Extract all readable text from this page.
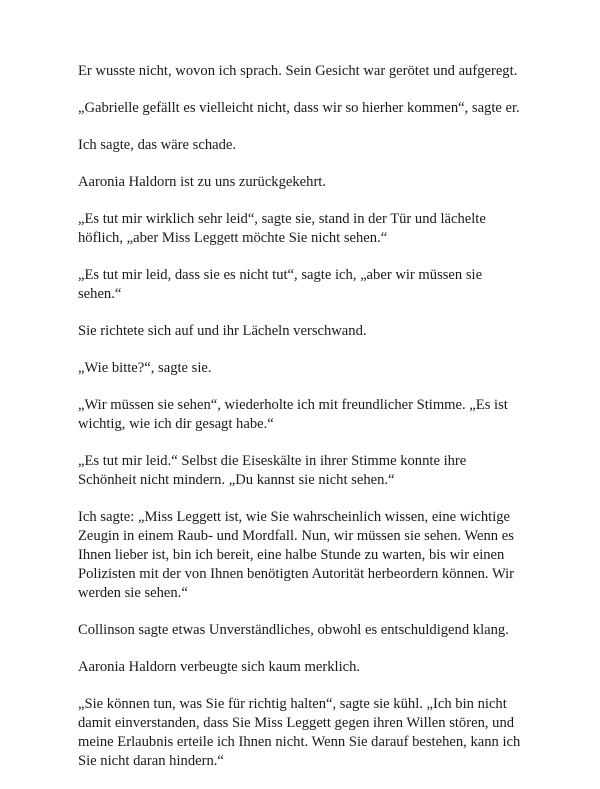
Er wusste nicht, wovon ich sprach. Sein Gesicht war gerötet und aufgeregt.

„Gabrielle gefällt es vielleicht nicht, dass wir so hierher kommen“, sagte er.

Ich sagte, das wäre schade.

Aaronia Haldorn ist zu uns zurückgekehrt.

„Es tut mir wirklich sehr leid“, sagte sie, stand in der Tür und lächelte
höflich, „aber Miss Leggett möchte Sie nicht sehen.“

„Es tut mir leid, dass sie es nicht tut“, sagte ich, „aber wir müssen sie
sehen.“

Sie richtete sich auf und ihr Lächeln verschwand.

„Wie bitte?“, sagte sie.

„Wir müssen sie sehen“, wiederholte ich mit freundlicher Stimme. „Es ist
wichtig, wie ich dir gesagt habe.“

„Es tut mir leid.“ Selbst die Eiseskälte in ihrer Stimme konnte ihre
Schönheit nicht mindern. „Du kannst sie nicht sehen.“

Ich sagte: „Miss Leggett ist, wie Sie wahrscheinlich wissen, eine wichtige
Zeugin in einem Raub- und Mordfall. Nun, wir müssen sie sehen. Wenn es
Ihnen lieber ist, bin ich bereit, eine halbe Stunde zu warten, bis wir einen
Polizisten mit der von Ihnen benötigten Autorität herbeordern können. Wir
werden sie sehen.“

Collinson sagte etwas Unverständliches, obwohl es entschuldigend klang.

Aaronia Haldorn verbeugte sich kaum merklich.

„Sie können tun, was Sie für richtig halten“, sagte sie kühl. „Ich bin nicht
damit einverstanden, dass Sie Miss Leggett gegen ihren Willen stören, und
meine Erlaubnis erteile ich Ihnen nicht. Wenn Sie darauf bestehen, kann ich
Sie nicht daran hindern.“
